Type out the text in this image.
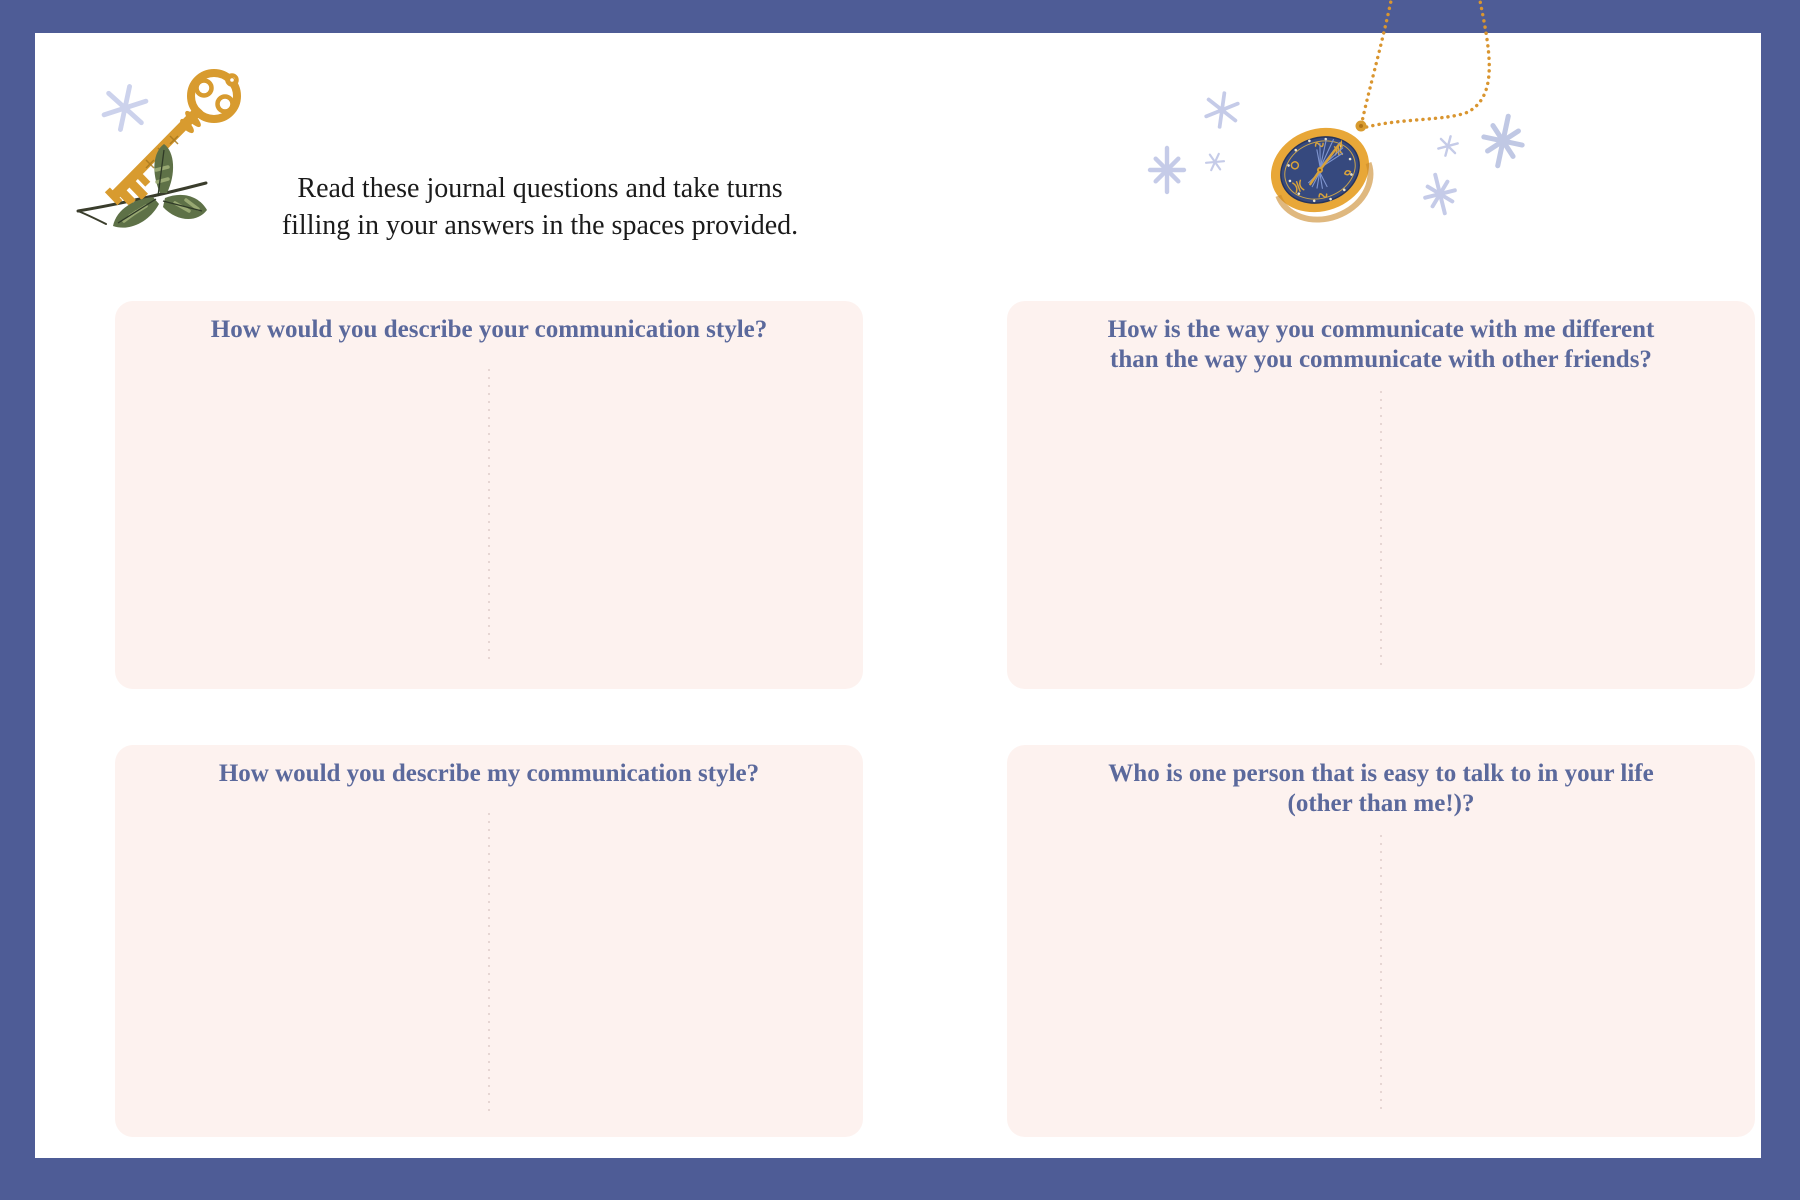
Read these journal questions and take turns
filling in your answers in the spaces provided.
How would you describe your communication style?	How is the way you communicate with me different
than the way you communicate with other friends?
How would you describe my communication style?	Who is one person that is easy to talk to in your life
(other than me!)?
